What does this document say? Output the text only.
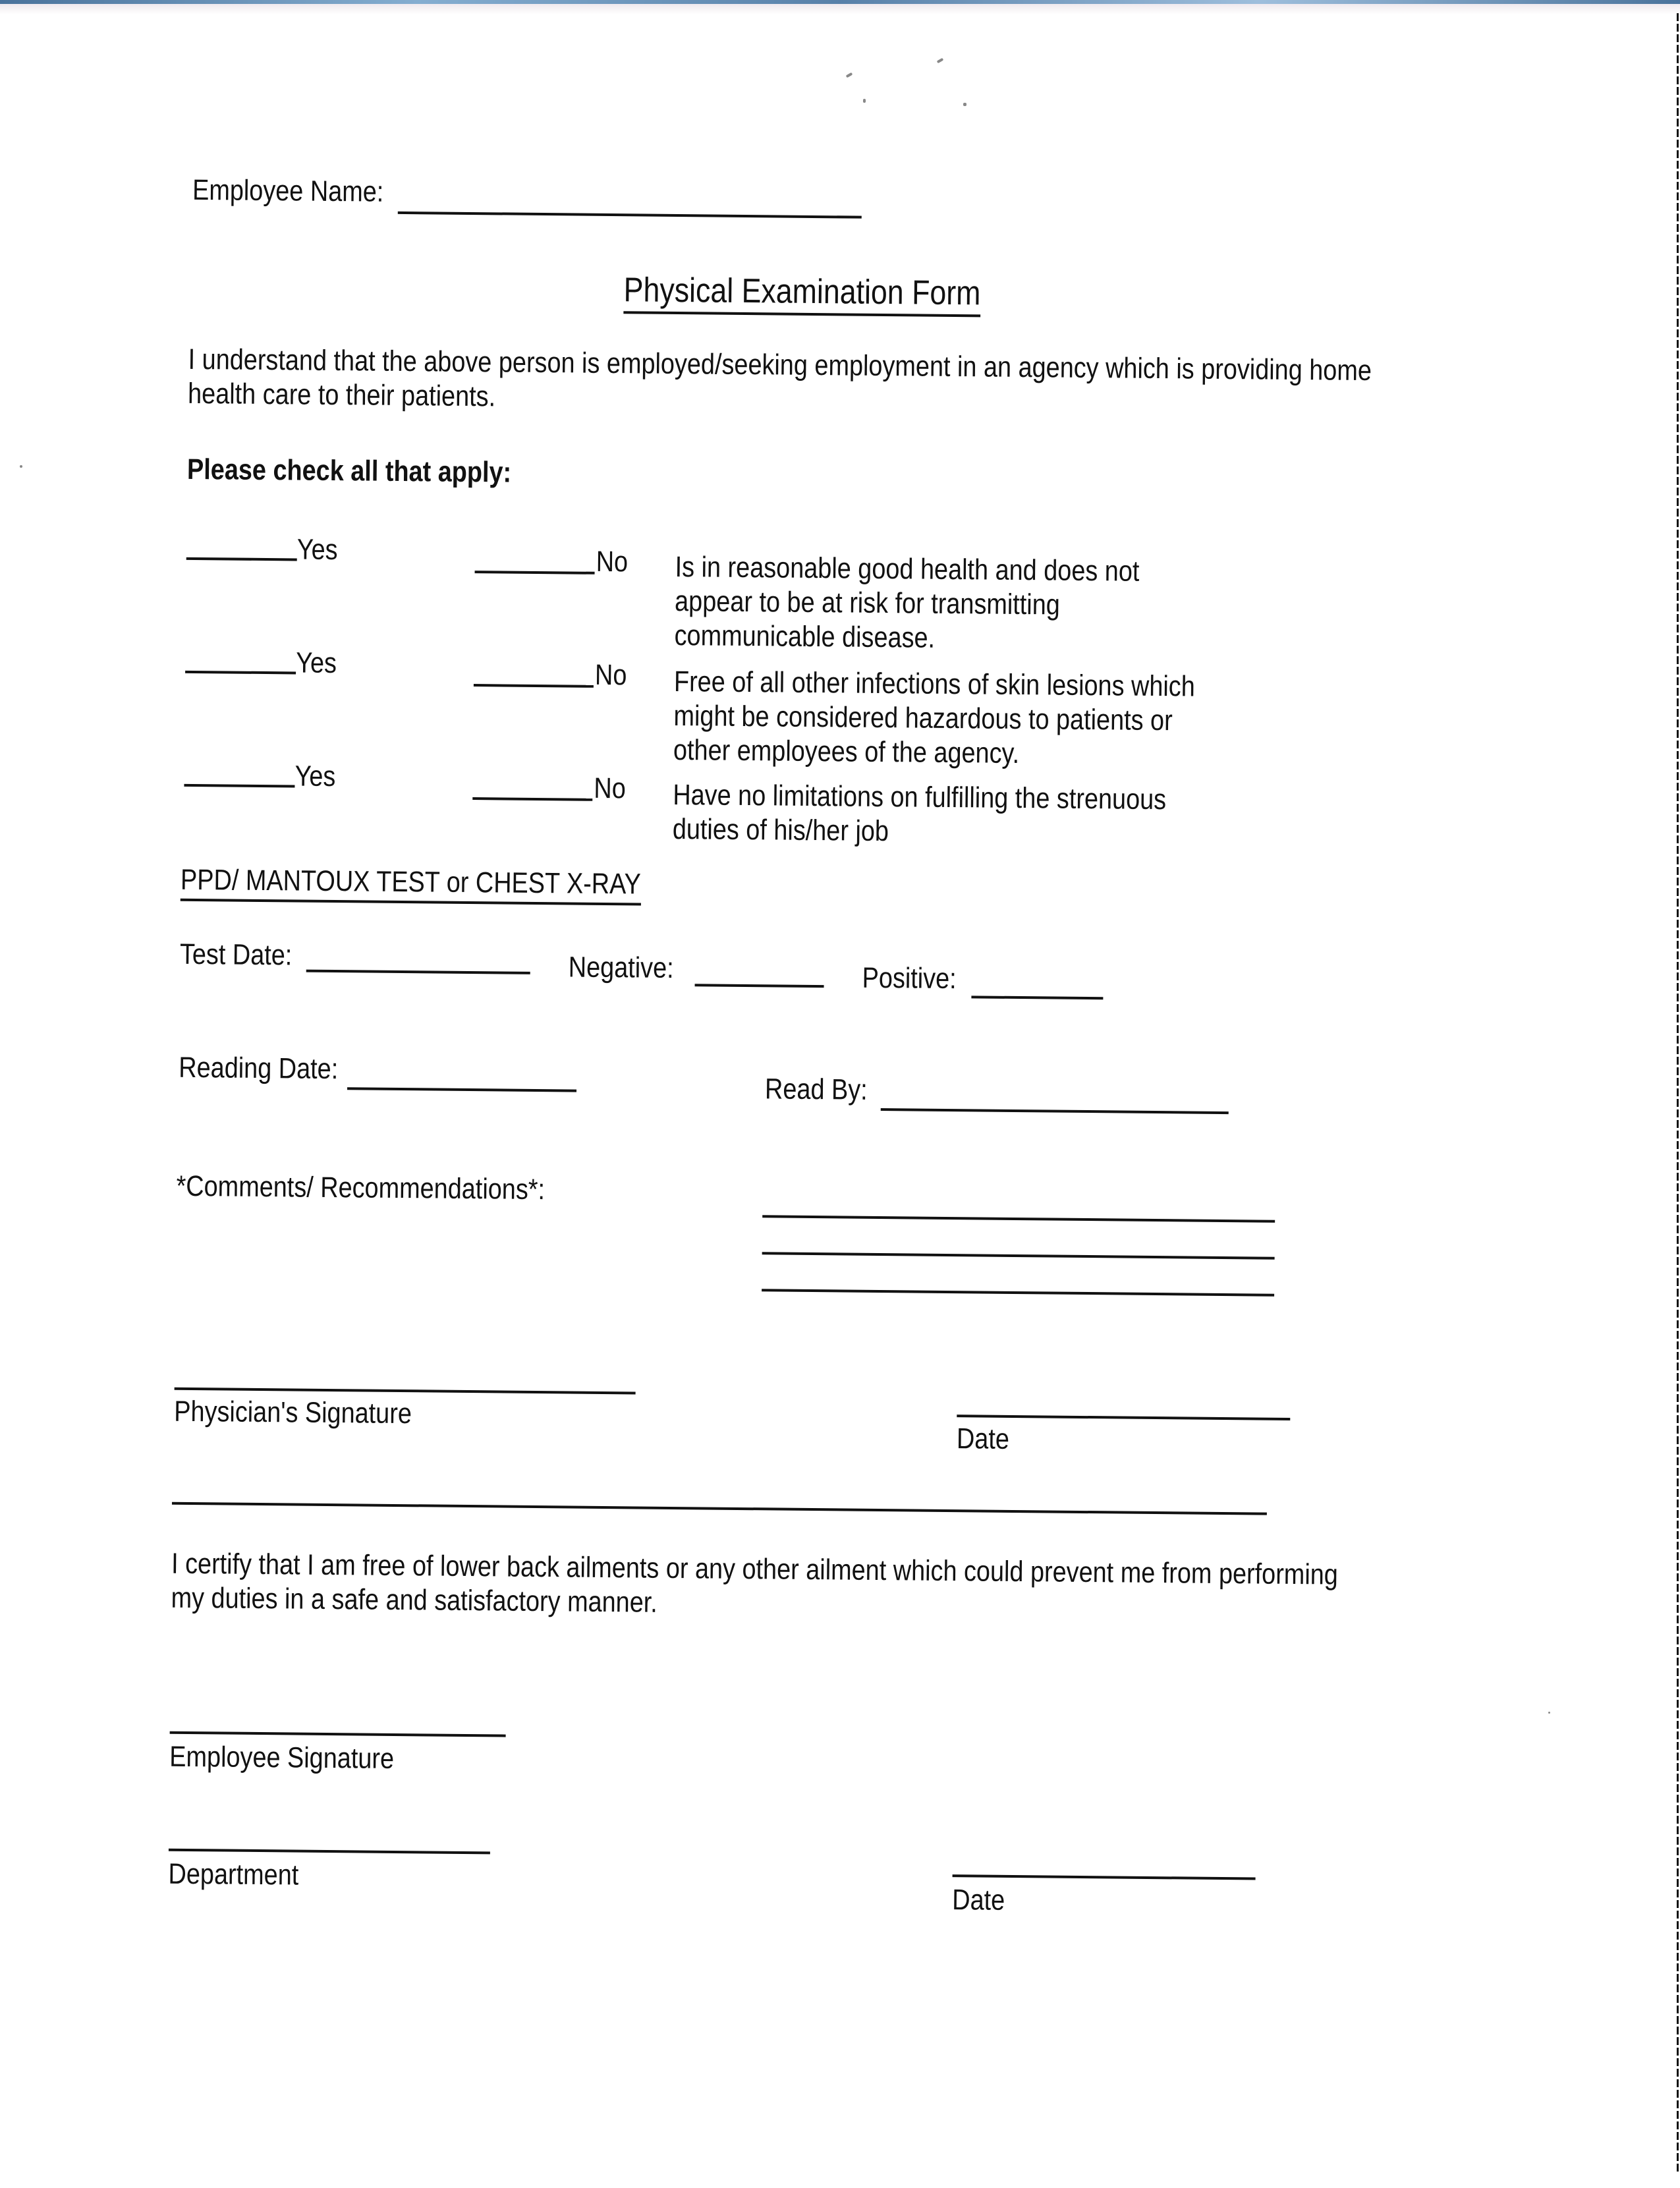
Employee Name:
Physical Examination Form
I understand that the above person is employed/seeking employment in an agency which is providing home
health care to their patients.
Please check all that apply:
Yes	No Is in reasonable good health and does not
appear to be at risk for transmitting
communicable disease.
Yes	No Free of all other infections of skin lesions which
might be considered hazardous to patients or
other employees of the agency.
Yes	No Have no limitations on fulfilling the strenuous
duties of his/her job
PPD/ MANTOUX TEST or CHEST X-RAY
Test Date:	Negative:	Positive:
Reading Date:
Read By:
*Comments/ Recommendations*:
Physician's Signature
Date
I certify that I am free of lower back ailments or any other ailment which could prevent me from performing
my duties in a safe and satisfactory manner.
Employee Signature
Department
Date
